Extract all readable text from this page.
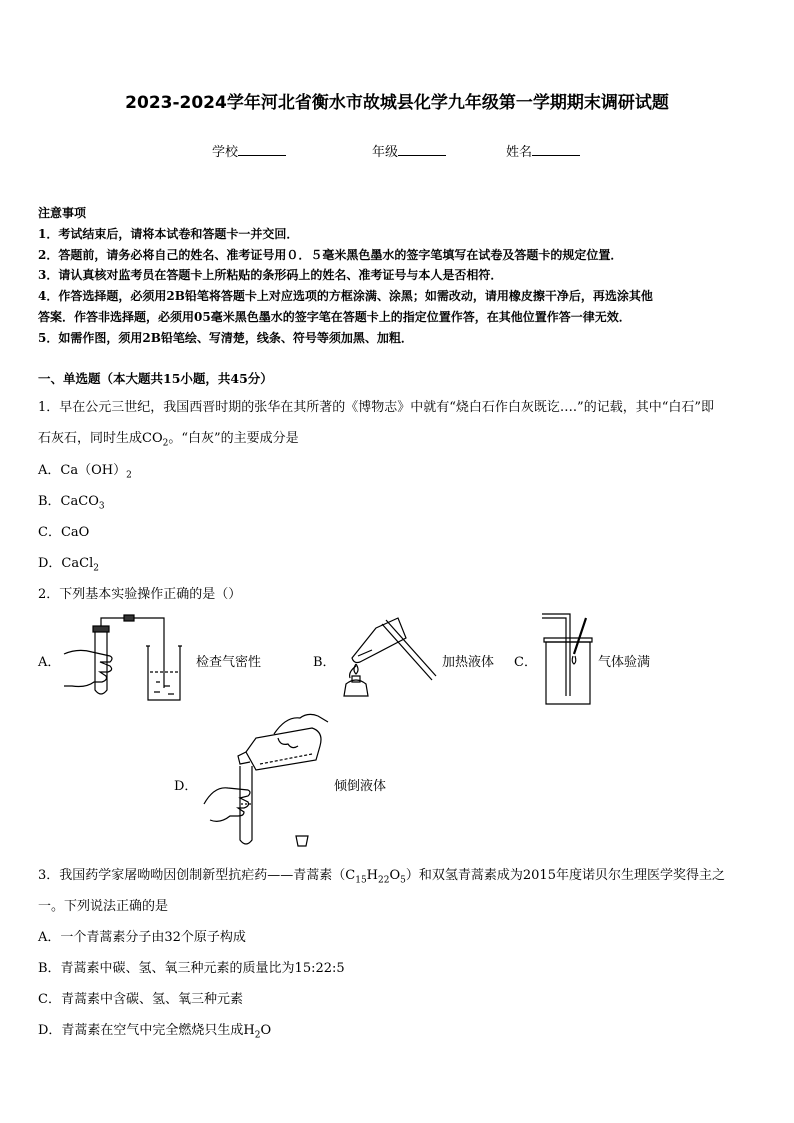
2023-2024学年河北省衡水市故城县化学九年级第一学期期末调研试题
学校	年级	姓名
注意事项
1．考试结束后，请将本试卷和答题卡一并交回．
2．答题前，请务必将自己的姓名、准考证号用０．５毫米黑色墨水的签字笔填写在试卷及答题卡的规定位置．
3．请认真核对监考员在答题卡上所粘贴的条形码上的姓名、准考证号与本人是否相符．
4．作答选择题，必须用2B铅笔将答题卡上对应选项的方框涂满、涂黑；如需改动，请用橡皮擦干净后，再选涂其他
答案．作答非选择题，必须用05毫米黑色墨水的签字笔在答题卡上的指定位置作答，在其他位置作答一律无效．
5．如需作图，须用2B铅笔绘、写清楚，线条、符号等须加黑、加粗．
一、单选题（本大题共15小题，共45分）
1．早在公元三世纪，我国西晋时期的张华在其所著的《博物志》中就有“烧白石作白灰既讫….”的记载，其中“白石”即
石灰石，同时生成$CO_2$。“白灰”的主要成分是
A．$Ca(OH)_2$
B．CaCO$_3$
C．CaO
D．CaCl$_2$
2．下列基本实验操作正确的是（）
A．	检查气密性	B．	加热液体 C．	气体验满
D．	倾倒液体
3．我国药学家屠呦呦因创制新型抗疟药——青蒿素$(C_{15}H_{22}O_5)$和双氢青蒿素成为2015年度诺贝尔生理医学奖得主之
一。下列说法正确的是
A．一个青蒿素分子由32个原子构成
B．青蒿素中碳、氢、氧三种元素的质量比为15:22:5
C．青蒿素中含碳、氢、氧三种元素
D．青蒿素在空气中完全燃烧只生成$H_2O$
